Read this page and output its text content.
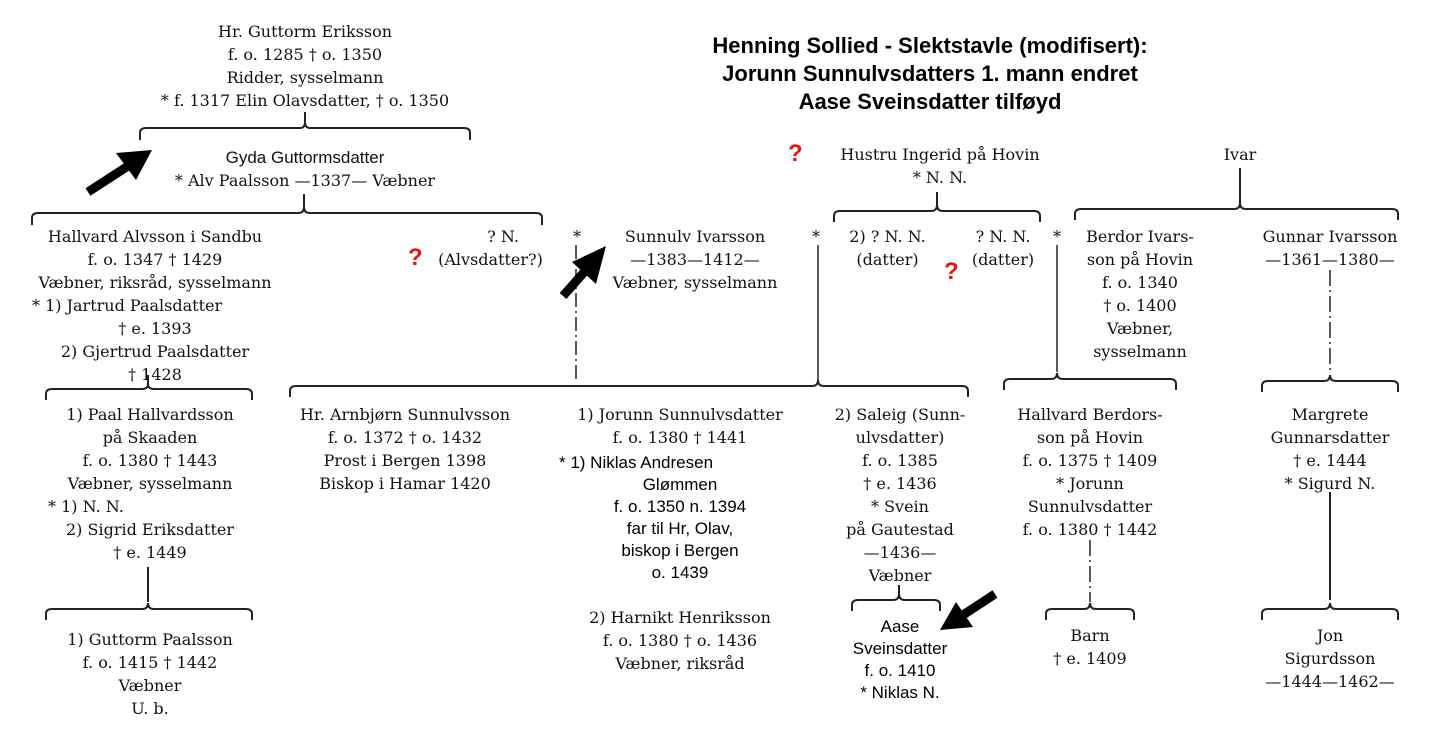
Henning Sollied - Slektstavle (modifisert):
Jorunn Sunnulvsdatters 1. mann endret
Aase Sveinsdatter tilføyd
Hr. Guttorm Eriksson
f. o. 1285 † o. 1350
Ridder, sysselmann
* f. 1317 Elin Olavsdatter, † o. 1350
Gyda Guttormsdatter
* Alv Paalsson —1337— Væbner
?	Hustru Ingerid på Hovin
* N. N.
Ivar
Hallvard Alvsson i Sandbu
f. o. 1347 † 1429
Væbner, riksråd, sysselmann
* 1) Jartrud Paalsdatter
† e. 1393
2) Gjertrud Paalsdatter
† 1428
?
? N.
(Alvsdatter?)
*	Sunnulv Ivarsson
—1383—1412—
Væbner, sysselmann
*	2) ? N. N.
(datter)
? N. N.
(datter)
?
*	Berdor Ivars-
son på Hovin
f. o. 1340
† o. 1400
Væbner,
sysselmann
Gunnar Ivarsson
—1361—1380—
1) Paal Hallvardsson
på Skaaden
f. o. 1380 † 1443
Væbner, sysselmann
* 1) N. N.
2) Sigrid Eriksdatter
† e. 1449
Hr. Arnbjørn Sunnulvsson
f. o. 1372 † o. 1432
Prost i Bergen 1398
Biskop i Hamar 1420
1) Jorunn Sunnulvsdatter
f. o. 1380 † 1441
* 1) Niklas Andresen
Glømmen
f. o. 1350 n. 1394
far til Hr, Olav,
biskop i Bergen
o. 1439
2) Harnikt Henriksson
f. o. 1380 † o. 1436
Væbner, riksråd
2) Saleig (Sunn-
ulvsdatter)
f. o. 1385
† e. 1436
* Svein
på Gautestad
—1436—
Væbner
Hallvard Berdors-
son på Hovin
f. o. 1375 † 1409
* Jorunn
Sunnulvsdatter
f. o. 1380 † 1442
Margrete
Gunnarsdatter
† e. 1444
* Sigurd N.
1) Guttorm Paalsson
f. o. 1415 † 1442
Væbner
U. b.
Aase
Sveinsdatter
f. o. 1410
* Niklas N.
Barn
† e. 1409
Jon
Sigurdsson
—1444—1462—
